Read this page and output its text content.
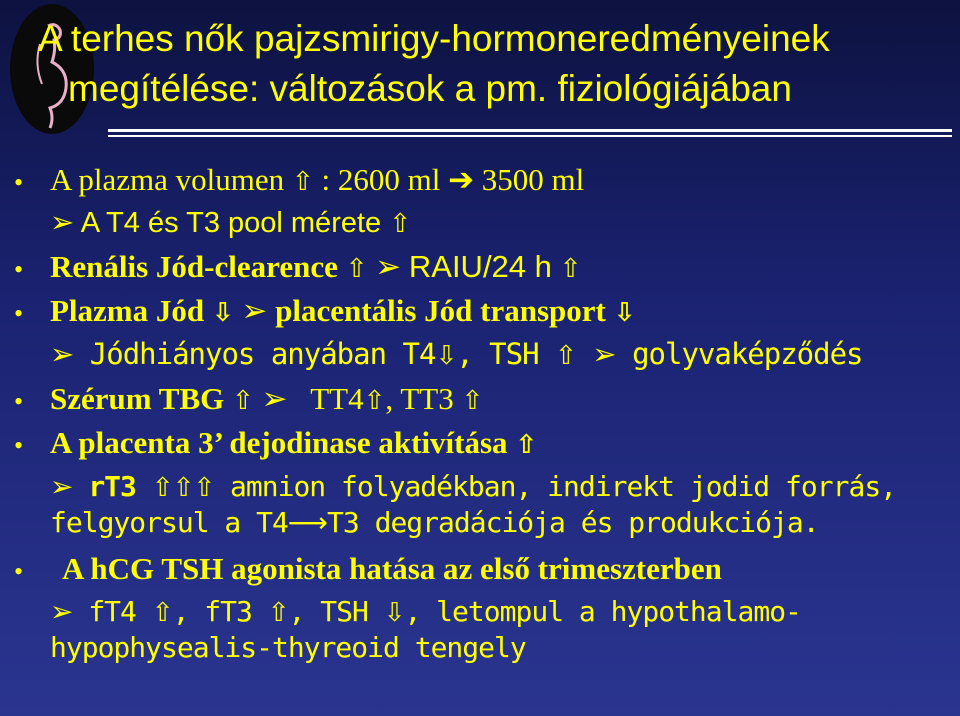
A terhes nők pajzsmirigy-hormoneredményeinek
megítélése: változások a pm. fiziológiájában
• A plazma volumen ⇧ : 2600 ml ➔ 3500 ml
➢ A T4 és T3 pool mérete ⇧
• Renális Jód-clearence ⇧ ➢ RAIU/24 h ⇧
• Plazma Jód ⇩ ➢ placentális Jód transport ⇩
➢ Jódhiányos anyában T4⇩, TSH ⇧ ➢ golyvaképződés
• Szérum TBG ⇧ ➢ TT4⇧, TT3 ⇧
• A placenta 3’ dejodinase aktivítása ⇧
➢ rT3 ⇧⇧⇧ amnion folyadékban, indirekt jodid forrás,
felgyorsul a T4⟶T3 degradációja és produkciója.
• A hCG TSH agonista hatása az első trimeszterben
➢ fT4 ⇧, fT3 ⇧, TSH ⇩, letompul a hypothalamo-
hypophysealis-thyreoid tengely
